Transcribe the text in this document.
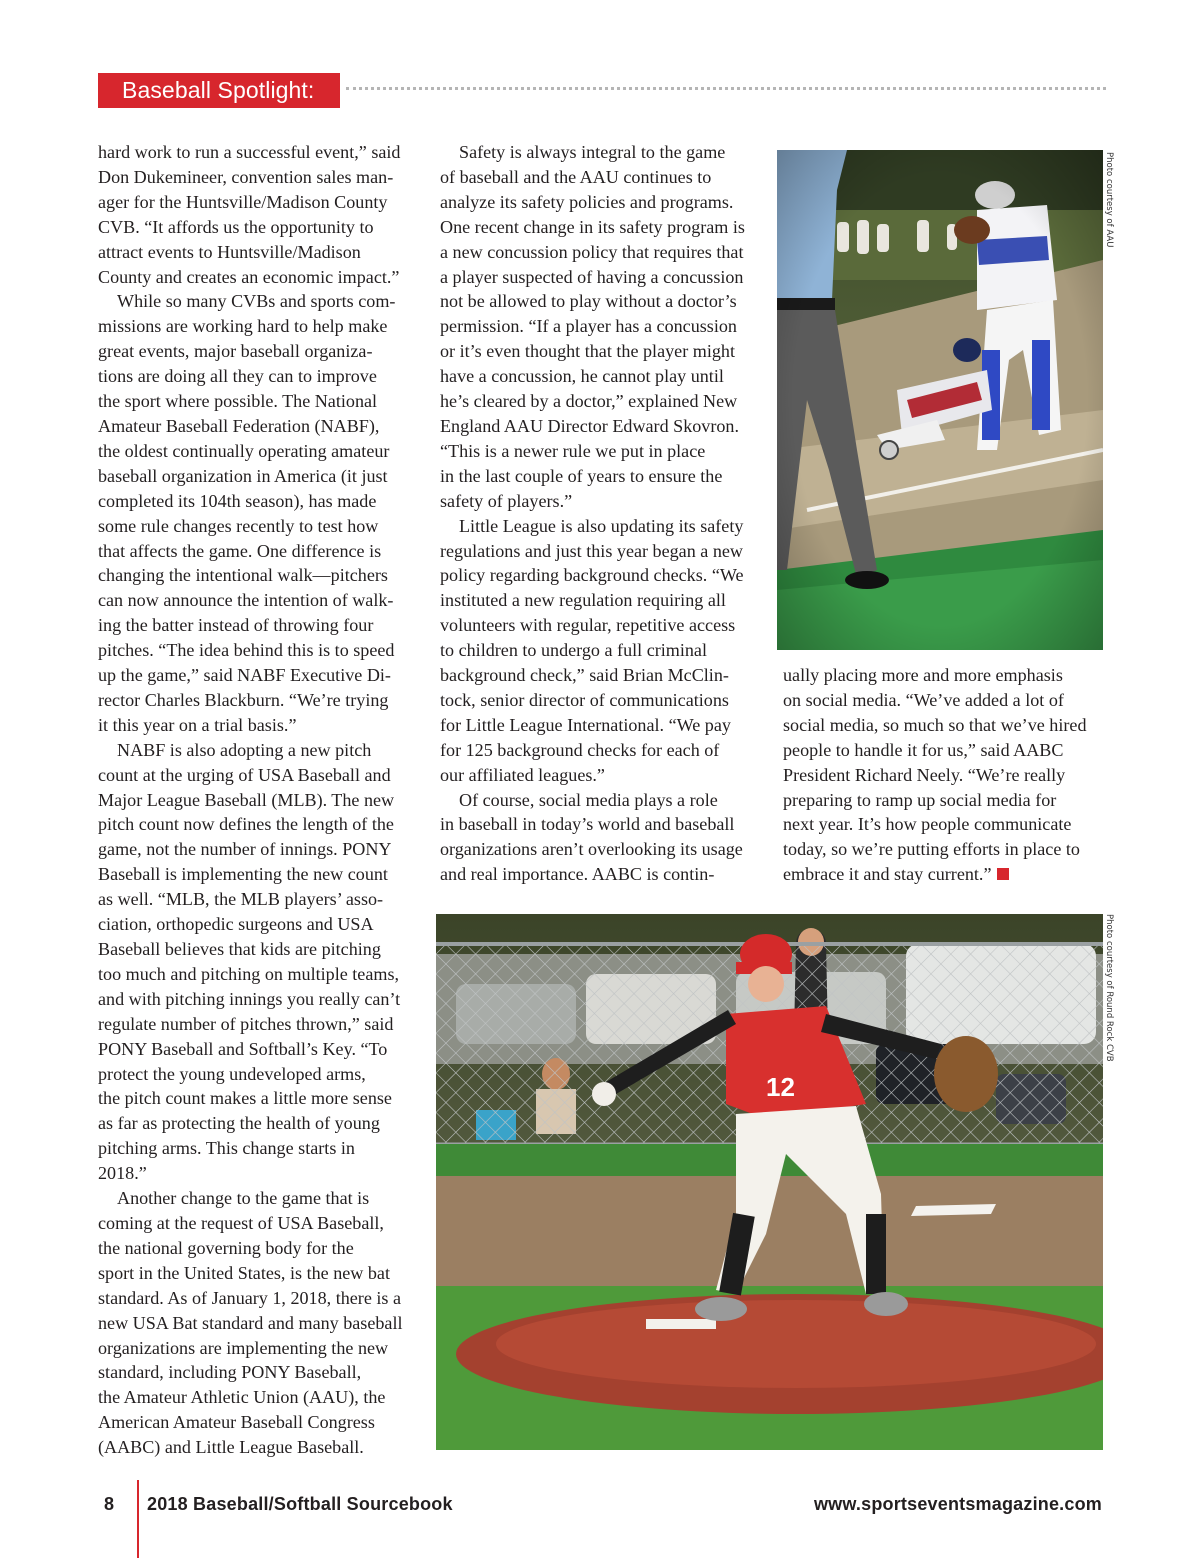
Baseball Spotlight:

hard work to run a successful event,” said

Don Dukemineer, convention sales man-

ager for the Huntsville/Madison County

CVB. “It affords us the opportunity to

attract events to Huntsville/Madison

County and creates an economic impact.”

While so many CVBs and sports com-

missions are working hard to help make

great events, major baseball organiza-

tions are doing all they can to improve

the sport where possible. The National

Amateur Baseball Federation (NABF),

the oldest continually operating amateur

baseball organization in America (it just

completed its 104th season), has made

some rule changes recently to test how

that affects the game. One difference is

changing the intentional walk—pitchers

can now announce the intention of walk-

ing the batter instead of throwing four

pitches. “The idea behind this is to speed

up the game,” said NABF Executive Di-

rector Charles Blackburn. “We’re trying

it this year on a trial basis.”

NABF is also adopting a new pitch

count at the urging of USA Baseball and

Major League Baseball (MLB). The new

pitch count now defines the length of the

game, not the number of innings. PONY

Baseball is implementing the new count

as well. “MLB, the MLB players’ asso-

ciation, orthopedic surgeons and USA

Baseball believes that kids are pitching

too much and pitching on multiple teams,

and with pitching innings you really can’t

regulate number of pitches thrown,” said

PONY Baseball and Softball’s Key. “To

protect the young undeveloped arms,

the pitch count makes a little more sense

as far as protecting the health of young

pitching arms. This change starts in

2018.”

Another change to the game that is

coming at the request of USA Baseball,

the national governing body for the

sport in the United States, is the new bat

standard. As of January 1, 2018, there is a

new USA Bat standard and many baseball

organizations are implementing the new

standard, including PONY Baseball,

the Amateur Athletic Union (AAU), the

American Amateur Baseball Congress

(AABC) and Little League Baseball.

Safety is always integral to the game

of baseball and the AAU continues to

analyze its safety policies and programs.

One recent change in its safety program is

a new concussion policy that requires that

a player suspected of having a concussion

not be allowed to play without a doctor’s

permission. “If a player has a concussion

or it’s even thought that the player might

have a concussion, he cannot play until

he’s cleared by a doctor,” explained New

England AAU Director Edward Skovron.

“This is a newer rule we put in place

in the last couple of years to ensure the

safety of players.”

Little League is also updating its safety

regulations and just this year began a new

policy regarding background checks. “We

instituted a new regulation requiring all

volunteers with regular, repetitive access

to children to undergo a full criminal

background check,” said Brian McClin-

tock, senior director of communications

for Little League International. “We pay

for 125 background checks for each of

our affiliated leagues.”

Of course, social media plays a role

in baseball in today’s world and baseball

organizations aren’t overlooking its usage

and real importance. AABC is contin-

ually placing more and more emphasis

on social media. “We’ve added a lot of

social media, so much so that we’ve hired

people to handle it for us,” said AABC

President Richard Neely. “We’re really

preparing to ramp up social media for

next year. It’s how people communicate

today, so we’re putting efforts in place to

embrace it and stay current.”

Photo courtesy of AAU
12
Photo courtesy of Round Rock CVB
8 2018 Baseball/Softball Sourcebook	www.sportseventsmagazine.com
